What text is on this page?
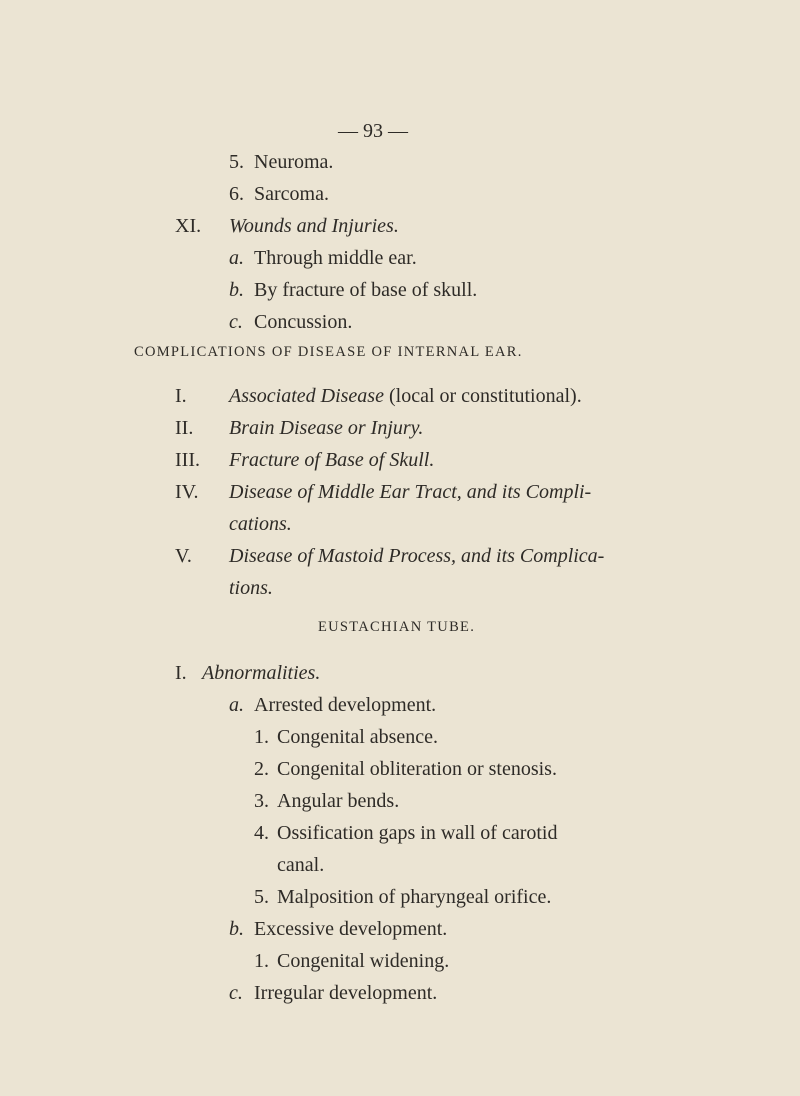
— 93 —
5. Neuroma.
6. Sarcoma.
XI. Wounds and Injuries.
a. Through middle ear.
b. By fracture of base of skull.
c. Concussion.
COMPLICATIONS OF DISEASE OF INTERNAL EAR.
I. Associated Disease (local or constitutional).
II. Brain Disease or Injury.
III. Fracture of Base of Skull.
IV. Disease of Middle Ear Tract, and its Compli-
cations.
V. Disease of Mastoid Process, and its Complica-
tions.
EUSTACHIAN TUBE.
I. Abnormalities.
a. Arrested development.
1. Congenital absence.
2. Congenital obliteration or stenosis.
3. Angular bends.
4. Ossification gaps in wall of carotid
canal.
5. Malposition of pharyngeal orifice.
b. Excessive development.
1. Congenital widening.
c. Irregular development.
